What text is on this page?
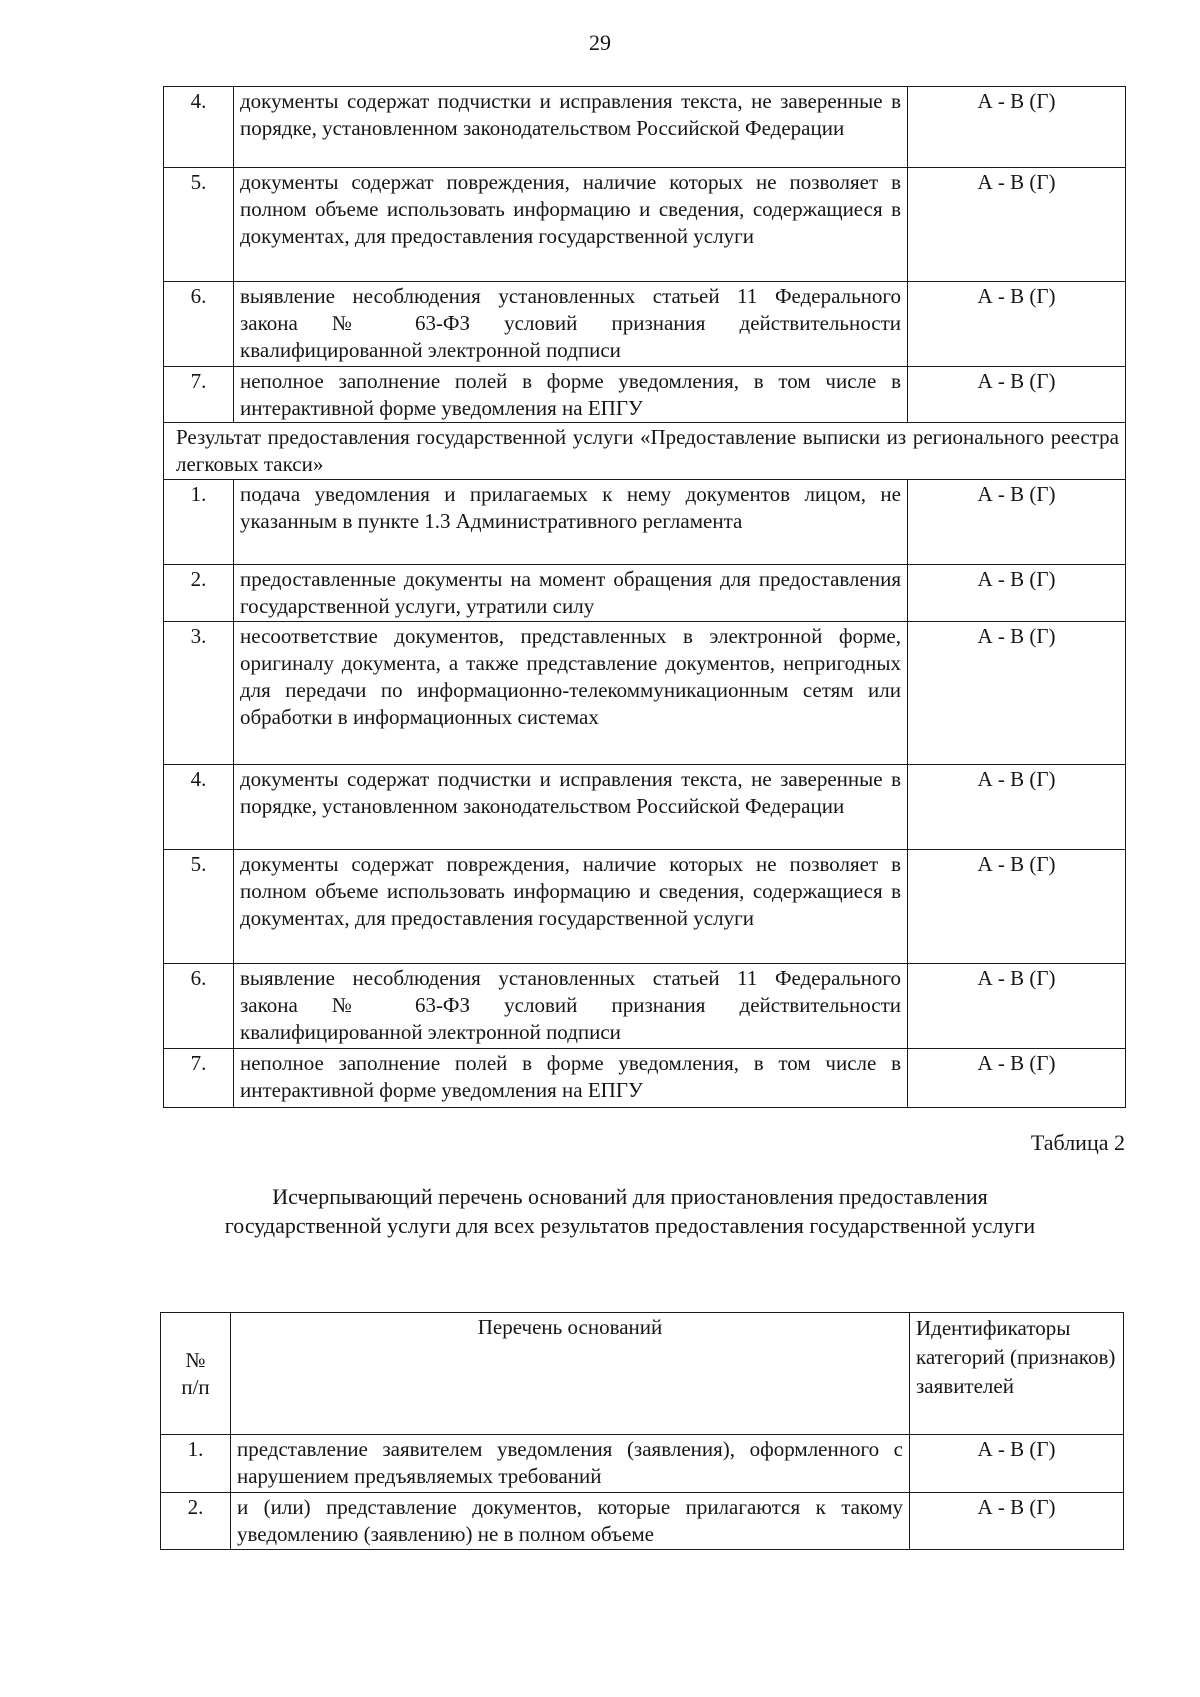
29
4.	документы содержат подчистки и исправления текста, не заверенные в порядке, установленном законодательством Российской Федерации	А - В (Г)
5.	документы содержат повреждения, наличие которых не позволяет в полном объеме использовать информацию и сведения, содержащиеся в документах, для предоставления государственной услуги	А - В (Г)
6.	выявление несоблюдения установленных статьей 11 Федерального закона № 63-ФЗ условий признания действительности квалифицированной электронной подписи	А - В (Г)
7.	неполное заполнение полей в форме уведомления, в том числе в интерактивной форме уведомления на ЕПГУ	А - В (Г)
Результат предоставления государственной услуги «Предоставление выписки из регионального реестра легковых такси»		
1.	подача уведомления и прилагаемых к нему документов лицом, не указанным в пункте 1.3 Административного регламента	А - В (Г)
2.	предоставленные документы на момент обращения для предоставления государственной услуги, утратили силу	А - В (Г)
3.	несоответствие документов, представленных в электронной форме, оригиналу документа, а также представление документов, непригодных для передачи по информационно-телекоммуникационным сетям или обработки в информационных системах	А - В (Г)
4.	документы содержат подчистки и исправления текста, не заверенные в порядке, установленном законодательством Российской Федерации	А - В (Г)
5.	документы содержат повреждения, наличие которых не позволяет в полном объеме использовать информацию и сведения, содержащиеся в документах, для предоставления государственной услуги	А - В (Г)
6.	выявление несоблюдения установленных статьей 11 Федерального закона № 63-ФЗ условий признания действительности квалифицированной электронной подписи	А - В (Г)
7.	неполное заполнение полей в форме уведомления, в том числе в интерактивной форме уведомления на ЕПГУ	А - В (Г)
Таблица 2
Исчерпывающий перечень оснований для приостановления предоставления
государственной услуги для всех результатов предоставления государственной услуги
№
п/п	Перечень оснований	Идентификаторы категорий (признаков) заявителей
1.	представление заявителем уведомления (заявления), оформленного с нарушением предъявляемых требований	А - В (Г)
2.	и (или) представление документов, которые прилагаются к такому уведомлению (заявлению) не в полном объеме	А - В (Г)
